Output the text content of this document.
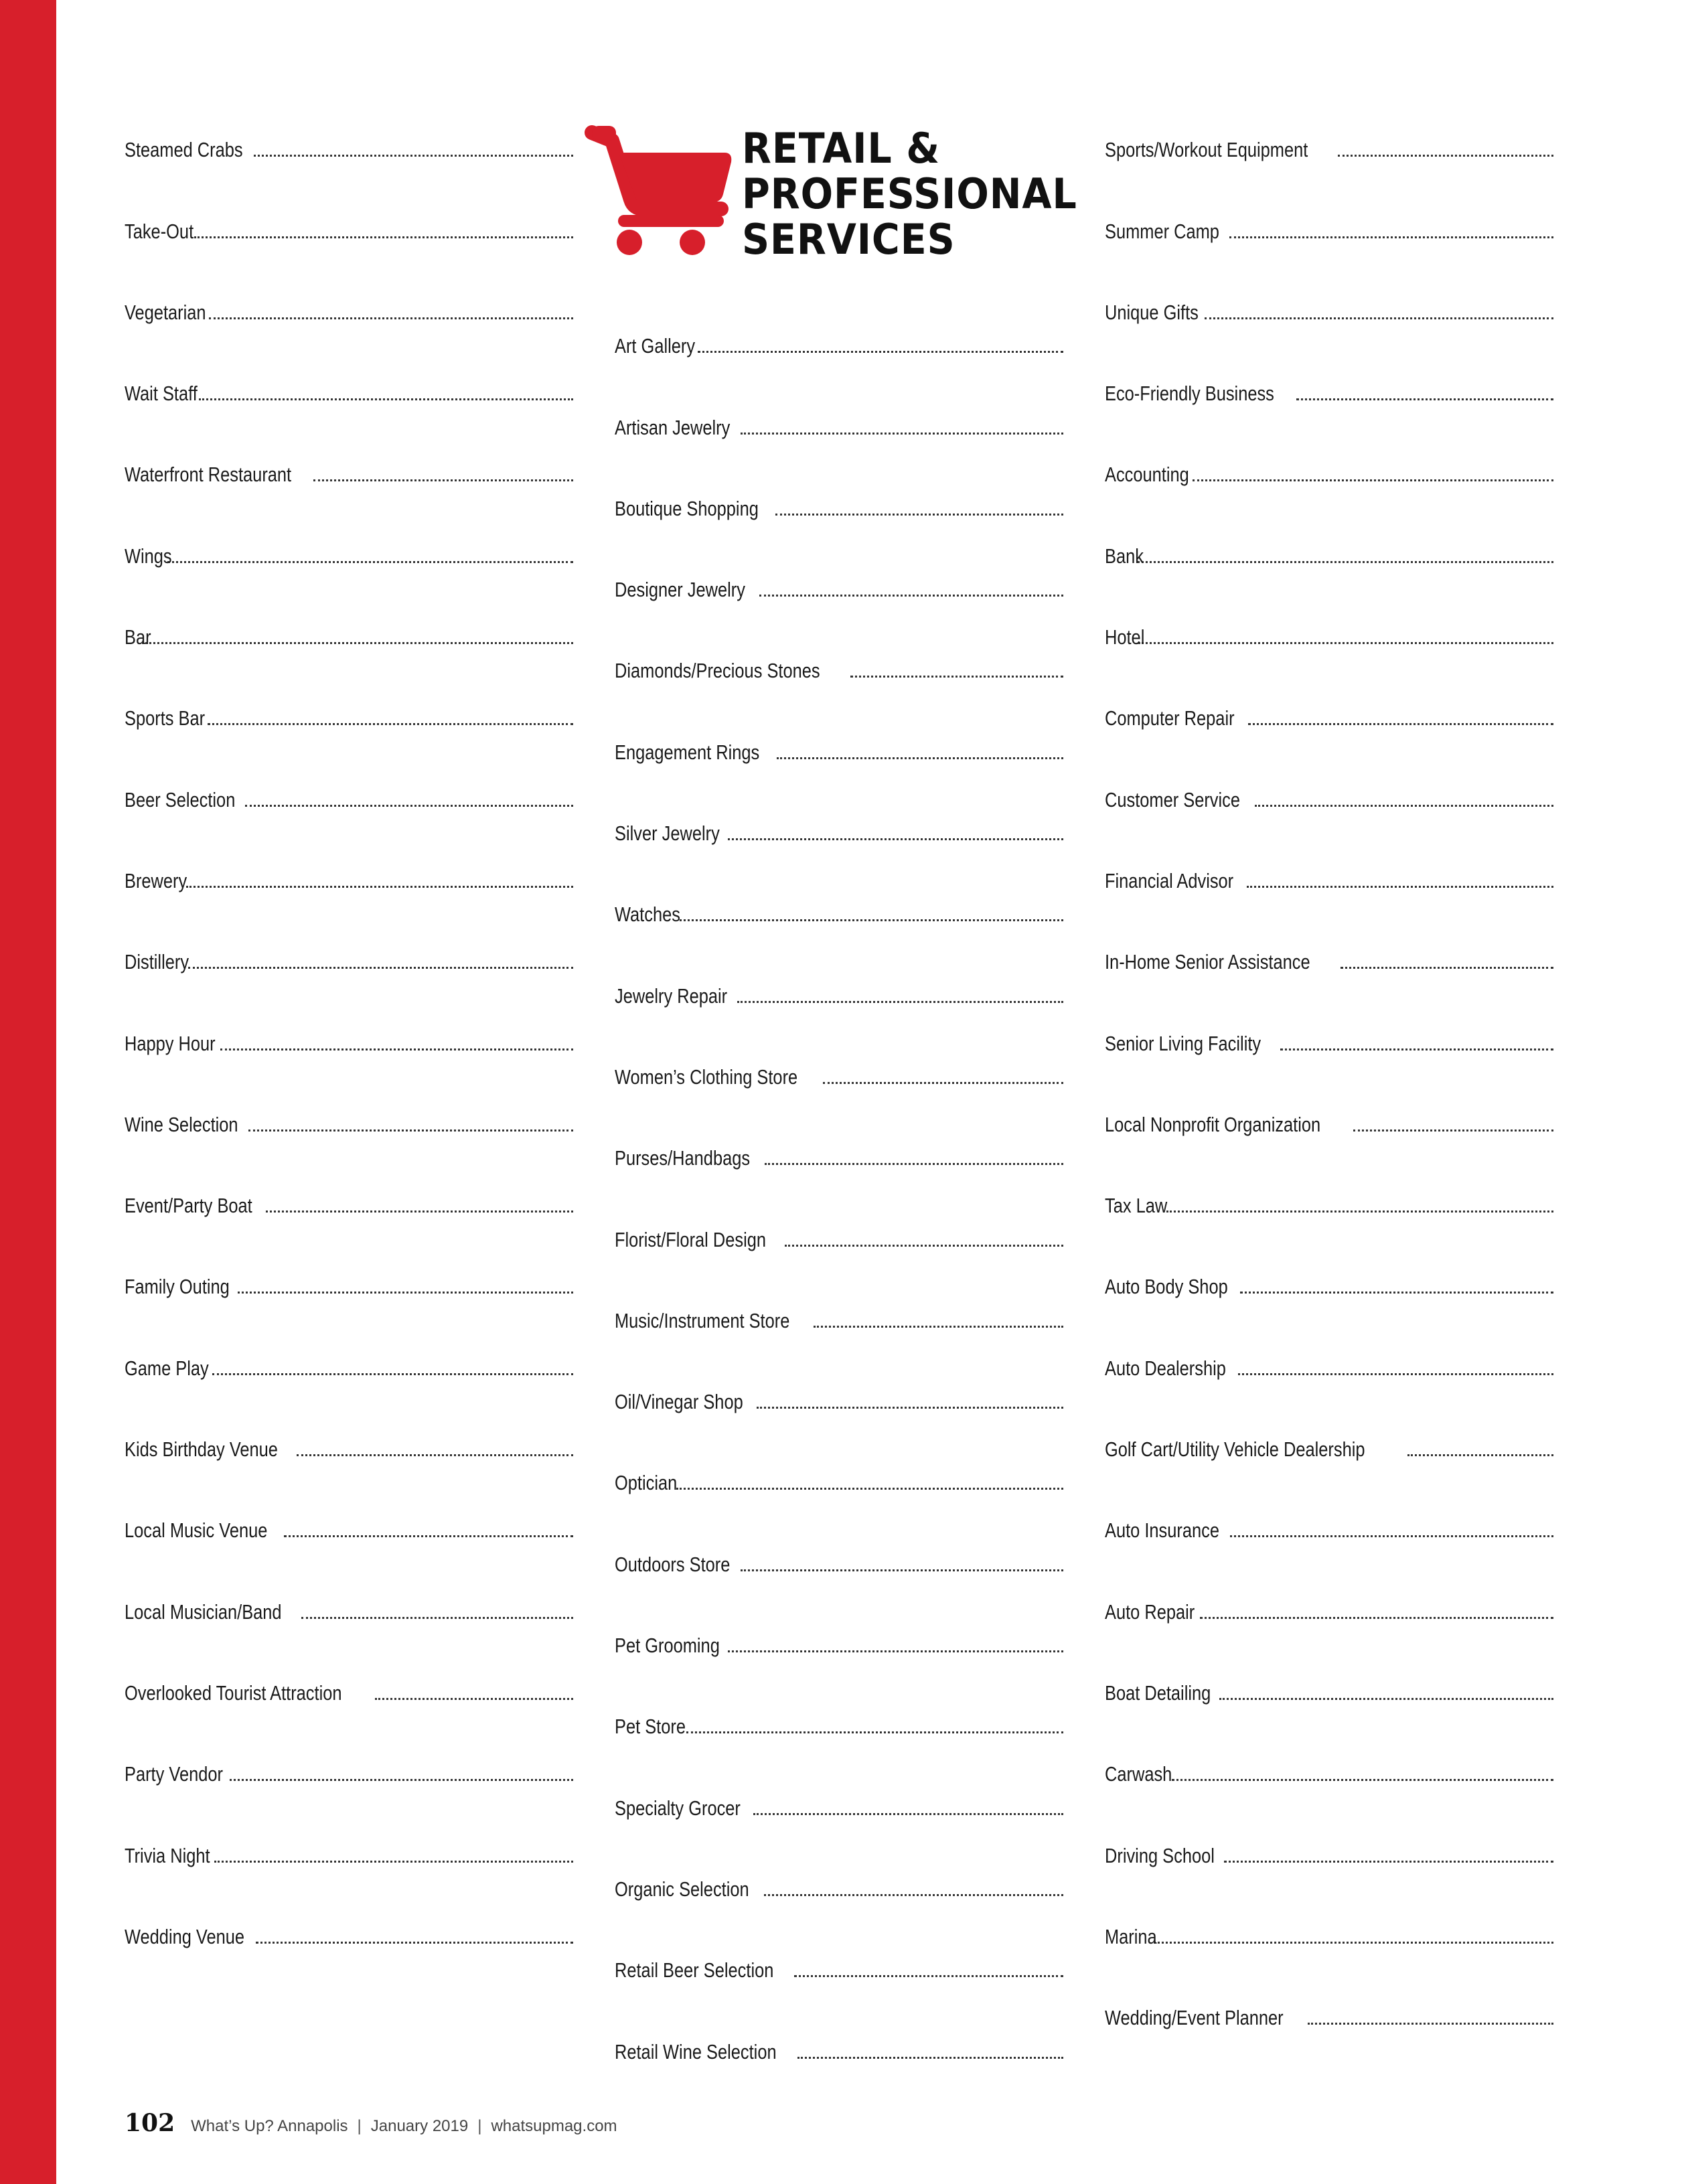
RETAIL &
PROFESSIONAL
SERVICES
Steamed Crabs
Take-Out
Vegetarian
Wait Staff
Waterfront Restaurant
Wings
Bar
Sports Bar
Beer Selection
Brewery
Distillery
Happy Hour
Wine Selection
Event/Party Boat
Family Outing
Game Play
Kids Birthday Venue
Local Music Venue
Local Musician/Band
Overlooked Tourist Attraction
Party Vendor
Trivia Night
Wedding Venue
Art Gallery
Artisan Jewelry
Boutique Shopping
Designer Jewelry
Diamonds/Precious Stones
Engagement Rings
Silver Jewelry
Watches
Jewelry Repair
Women’s Clothing Store
Purses/Handbags
Florist/Floral Design
Music/Instrument Store
Oil/Vinegar Shop
Optician
Outdoors Store
Pet Grooming
Pet Store
Specialty Grocer
Organic Selection
Retail Beer Selection
Retail Wine Selection
Sports/Workout Equipment
Summer Camp
Unique Gifts
Eco-Friendly Business
Accounting
Bank
Hotel
Computer Repair
Customer Service
Financial Advisor
In-Home Senior Assistance
Senior Living Facility
Local Nonprofit Organization
Tax Law
Auto Body Shop
Auto Dealership
Golf Cart/Utility Vehicle Dealership
Auto Insurance
Auto Repair
Boat Detailing
Carwash
Driving School
Marina
Wedding/Event Planner
102 What’s Up? Annapolis | January 2019 | whatsupmag.com
